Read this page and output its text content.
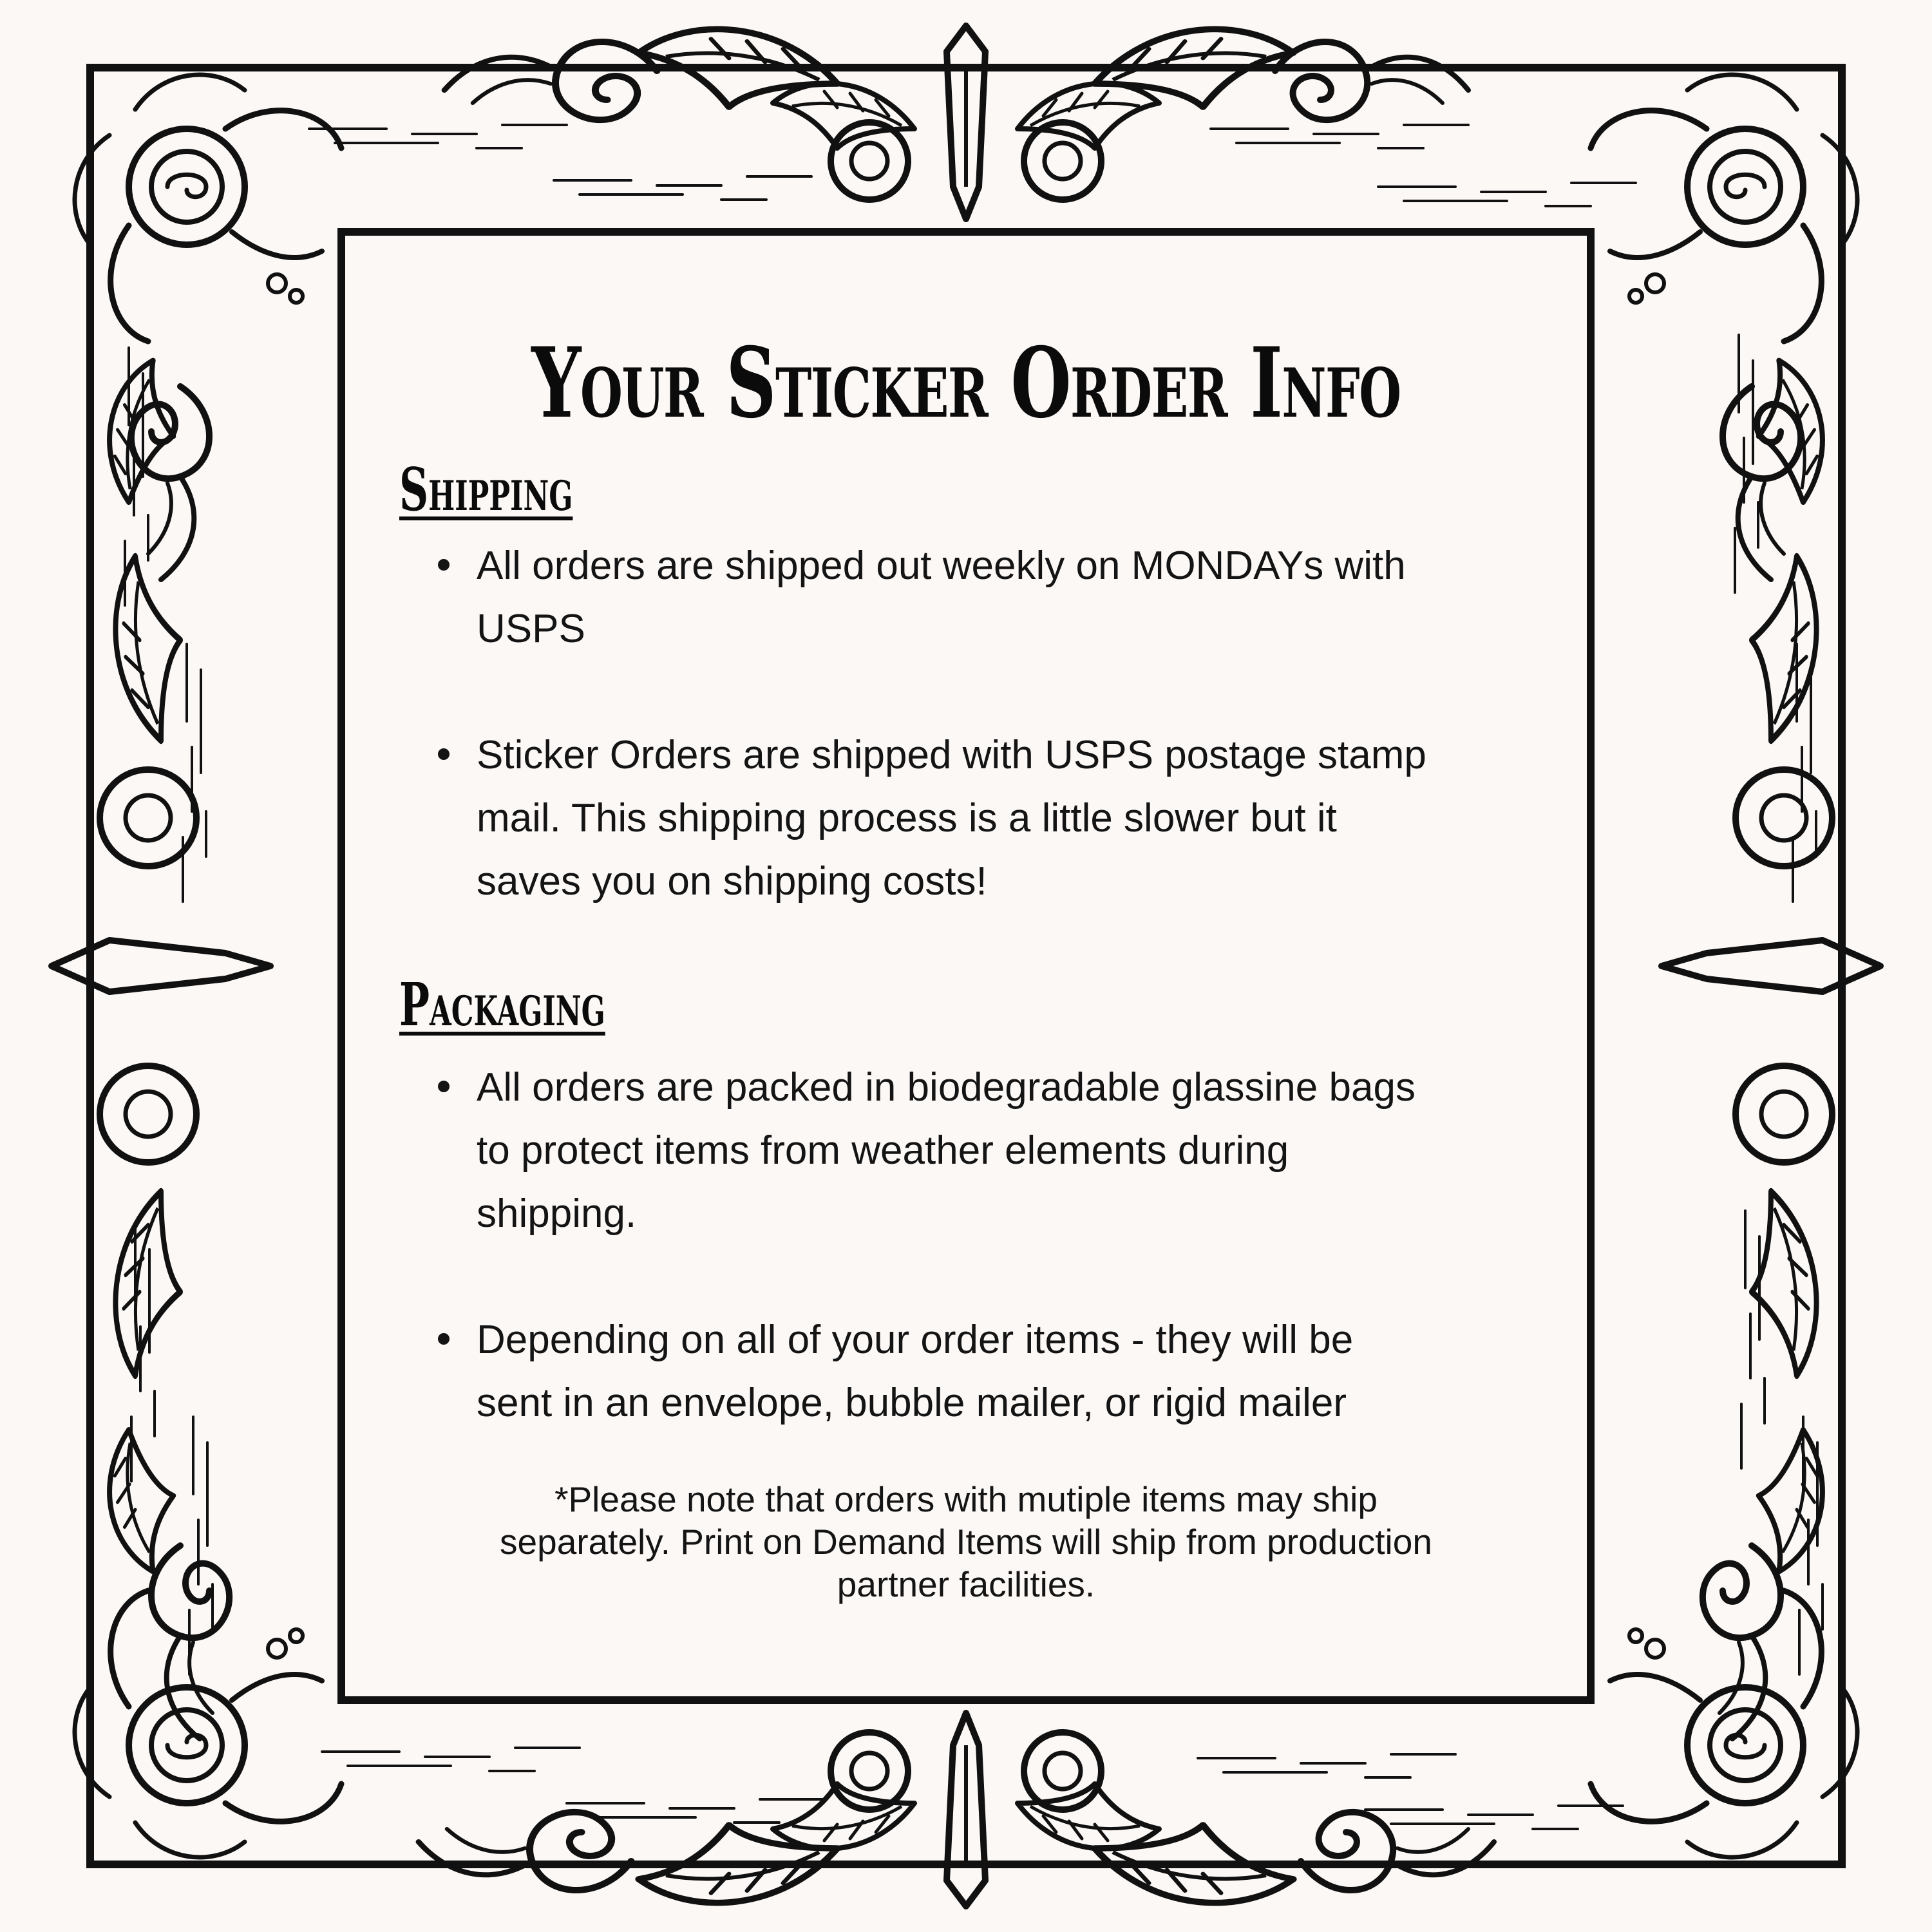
Your Sticker Order Info
Shipping
All orders are shipped out weekly on MONDAYs with
USPS
Sticker Orders are shipped with USPS postage stamp
mail. This shipping process is a little slower but it
saves you on shipping costs!
Packaging
All orders are packed in biodegradable glassine bags
to protect items from weather elements during
shipping.
Depending on all of your order items - they will be
sent in an envelope, bubble mailer, or rigid mailer
*Please note that orders with mutiple items may ship
separately. Print on Demand Items will ship from production
partner facilities.
